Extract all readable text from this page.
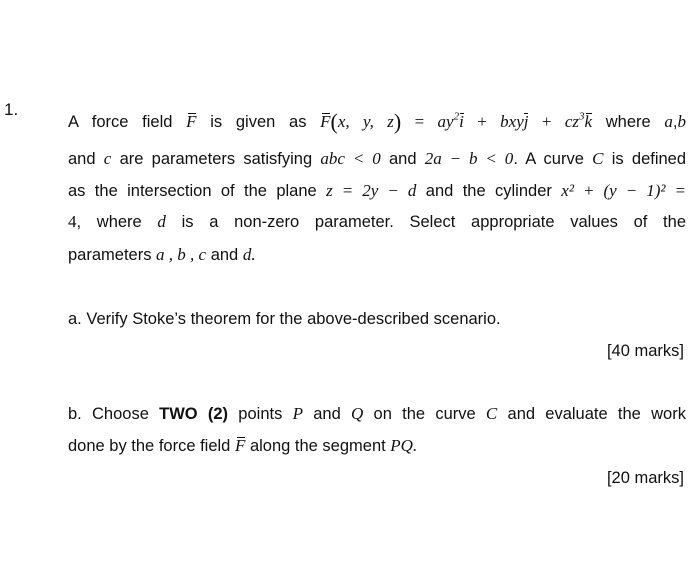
1.
A force field F is given as F(x, y, $z) = ay^2i$ + bxyj + $cz^3k$ where a,b
and c are parameters satisfying abc < 0 and 2a − b < 0. A curve C is defined
as the intersection of the plane z = 2y − d and the cylinder x² + (y − 1)² =
4, where d is a non-zero parameter. Select appropriate values of the
parameters a , b , c and d.
a. Verify Stoke’s theorem for the above-described scenario.
[40 marks]
b. Choose TWO (2) points P and Q on the curve C and evaluate the work
done by the force field F along the segment PQ.
[20 marks]
